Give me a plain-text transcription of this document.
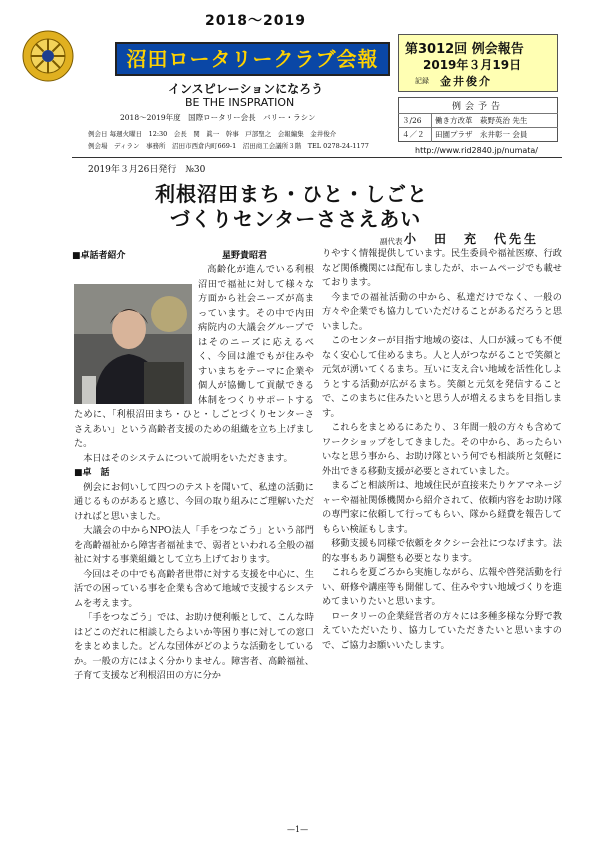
2018～2019
沼田ロータリークラブ会報
インスピレーションになろう
BE THE INSPRATION
2018～2019年度　国際ロータリー会長　バリー・ラシン
第3012回 例会報告
2019年３月19日
記録 金井俊介
例会予告	
３/26	働き方改革　萩野英治 先生
４／２	田園プラザ　永井彰一 会員
http://www.rid2840.jp/numata/
例会日 毎週火曜日　12:30　会長　関　眞一　幹事　戸部聖之　会報編集　金井俊介
例会場　ディラン　事務所　沼田市西倉内町669-1　沼田商工会議所３階　TEL 0278-24-1177
2019年３月26日発行　№30
利根沼田まち・ひと・しごと
づくりセンターささえあい
副代表 小　田　充　代先生
■卓話者紹介	星野貴昭君

高齢化が進んでいる利根沼田で福祉に対して様々な方面から社会ニーズが高まっています。その中で内田病院内の大議会グループではそのニーズに応えるべく、今回は誰でもが住みやすいまちをテーマに企業や個人が協働して貢献できる体制をつくりサポートするために、「利根沼田まち・ひと・しごとづくりセンターささえあい」という高齢者支援のための組織を立ち上げました。

本日はそのシステムについて説明をいただきます。

■卓　話

例会にお伺いして四つのテストを聞いて、私達の活動に通じるものがあると感じ、今回の取り組みにご理解いただければと思いました。

大議会の中からNPO法人「手をつなごう」という部門を高齢福祉から障害者福祉まで、弱者といわれる全般の福祉に対する事業組織として立ち上げております。

今回はその中でも高齢者世帯に対する支援を中心に、生活での困っている事を企業も含めて地域で支援するシステムを考えます。

「手をつなごう」では、お助け便利帳として、こんな時はどこのだれに相談したらよいか等困り事に対しての窓口をまとめました。どんな団体がどのような活動をしているか。一般の方にはよく分かりません。障害者、高齢福祉、子育て支援など利根沼田の方に分か

りやすく情報提供しています。民生委員や福祉医療、行政など関係機関には配布しましたが、ホームページでも載せております。

今までの福祉活動の中から、私達だけでなく、一般の方々や企業でも協力していただけることがあるだろうと思いました。

このセンターが目指す地域の姿は、人口が減っても不便なく安心して住めるまち。人と人がつながることで笑顔と元気が湧いてくるまち。互いに支え合い地域を活性化しようとする活動が広がるまち。笑顔と元気を発信することで、このまちに住みたいと思う人が増えるまちを目指します。

これらをまとめるにあたり、３年間一般の方々も含めてワークショップをしてきました。その中から、あったらいいなと思う事から、お助け隊という何でも相談所と気軽に外出できる移動支援が必要とされていました。

まるごと相談所は、地域住民が直接来たりケアマネージャーや福祉関係機関から紹介されて、依頼内容をお助け隊の専門家に依頼して行ってもらい、隊から経費を報告してもらい検証もします。

移動支援も同様で依頼をタクシー会社につなげます。法的な事もあり調整も必要となります。

これらを夏ごろから実施しながら、広報や啓発活動を行い、研修や講座等も開催して、住みやすい地域づくりを進めてまいりたいと思います。

ロータリーの企業経営者の方々には多種多様な分野で教えていただいたり、協力していただきたいと思いますので、ご協力お願いいたします。

—1—
